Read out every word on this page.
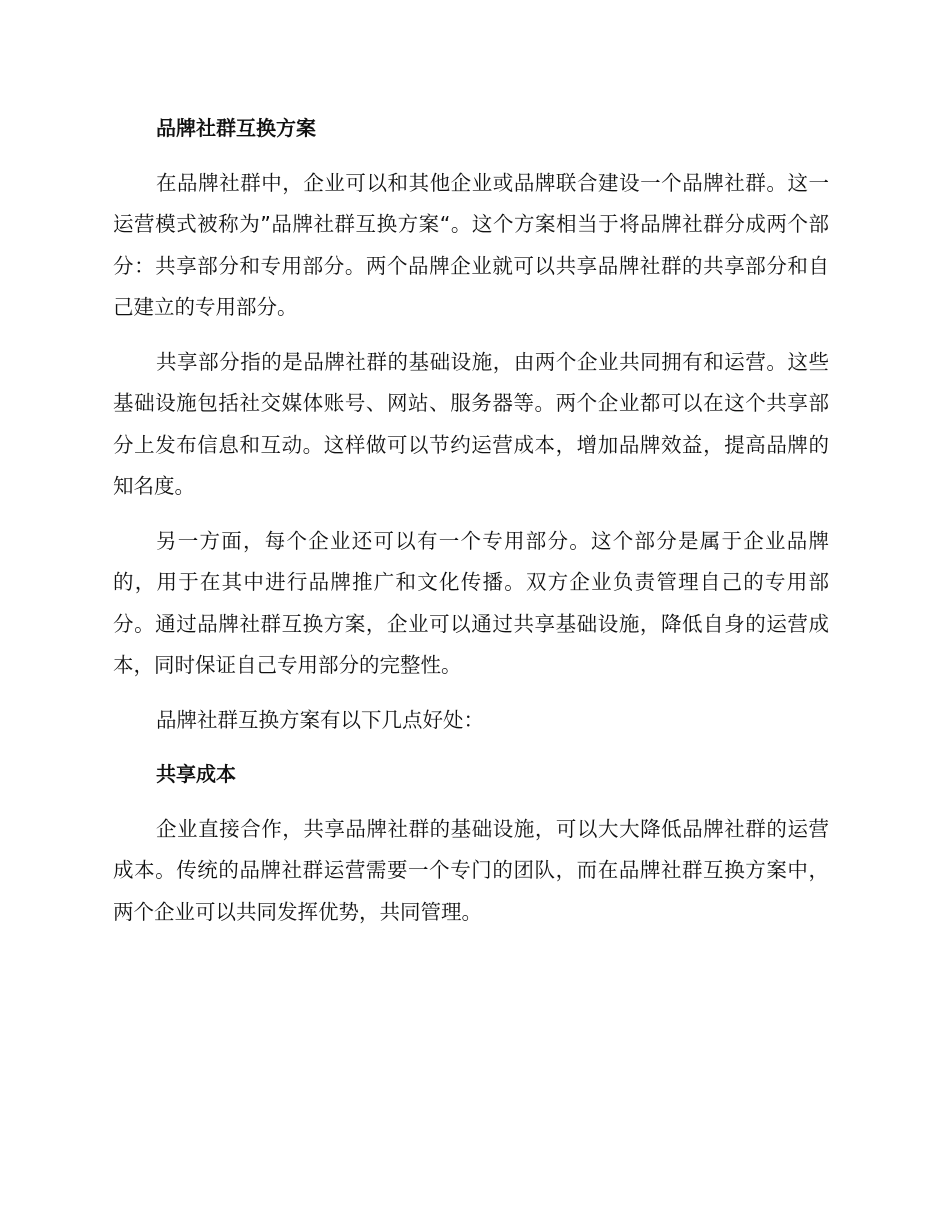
品牌社群互换方案

在品牌社群中，企业可以和其他企业或品牌联合建设一个品牌社群。这一运营模式被称为”品牌社群互换方案“。这个方案相当于将品牌社群分成两个部分：共享部分和专用部分。两个品牌企业就可以共享品牌社群的共享部分和自己建立的专用部分。

共享部分指的是品牌社群的基础设施，由两个企业共同拥有和运营。这些基础设施包括社交媒体账号、网站、服务器等。两个企业都可以在这个共享部分上发布信息和互动。这样做可以节约运营成本，增加品牌效益，提高品牌的知名度。

另一方面，每个企业还可以有一个专用部分。这个部分是属于企业品牌的，用于在其中进行品牌推广和文化传播。双方企业负责管理自己的专用部分。通过品牌社群互换方案，企业可以通过共享基础设施，降低自身的运营成本，同时保证自己专用部分的完整性。

品牌社群互换方案有以下几点好处：

共享成本

企业直接合作，共享品牌社群的基础设施，可以大大降低品牌社群的运营成本。传统的品牌社群运营需要一个专门的团队，而在品牌社群互换方案中，两个企业可以共同发挥优势，共同管理。
